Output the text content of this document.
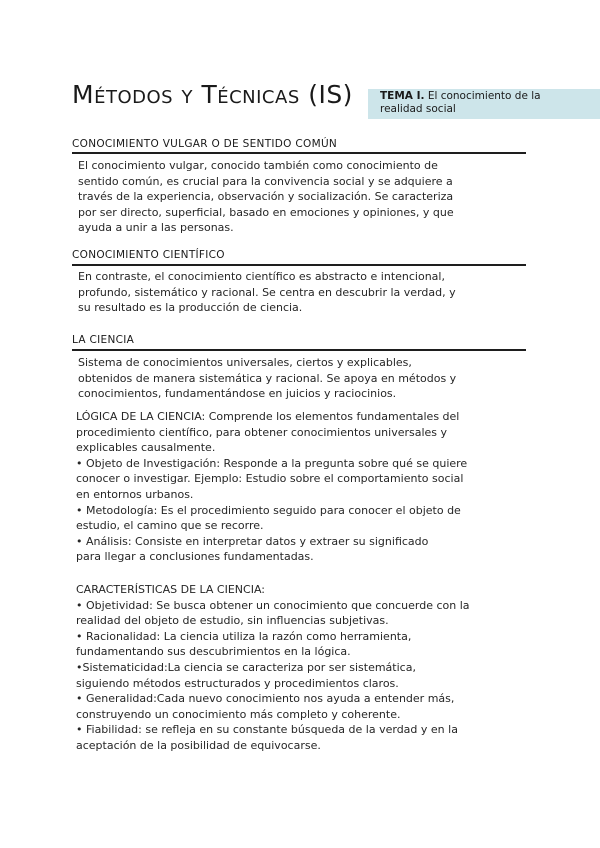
Métodos y Técnicas (IS)	TEMA I. El conocimiento de la
realidad social
CONOCIMIENTO VULGAR O DE SENTIDO COMÚN
El conocimiento vulgar, conocido también como conocimiento de
sentido común, es crucial para la convivencia social y se adquiere a
través de la experiencia, observación y socialización. Se caracteriza
por ser directo, superficial, basado en emociones y opiniones, y que
ayuda a unir a las personas.
CONOCIMIENTO CIENTÍFICO
En contraste, el conocimiento científico es abstracto e intencional,
profundo, sistemático y racional. Se centra en descubrir la verdad, y
su resultado es la producción de ciencia.
LA CIENCIA
Sistema de conocimientos universales, ciertos y explicables,
obtenidos de manera sistemática y racional. Se apoya en métodos y
conocimientos, fundamentándose en juicios y raciocinios.
LÓGICA DE LA CIENCIA: Comprende los elementos fundamentales del
procedimiento científico, para obtener conocimientos universales y
explicables causalmente.
• Objeto de Investigación: Responde a la pregunta sobre qué se quiere
conocer o investigar. Ejemplo: Estudio sobre el comportamiento social
en entornos urbanos.
• Metodología: Es el procedimiento seguido para conocer el objeto de
estudio, el camino que se recorre.
• Análisis: Consiste en interpretar datos y extraer su significado
para llegar a conclusiones fundamentadas.
CARACTERÍSTICAS DE LA CIENCIA:
• Objetividad: Se busca obtener un conocimiento que concuerde con la
realidad del objeto de estudio, sin influencias subjetivas.
• Racionalidad: La ciencia utiliza la razón como herramienta,
fundamentando sus descubrimientos en la lógica.
•Sistematicidad:La ciencia se caracteriza por ser sistemática,
siguiendo métodos estructurados y procedimientos claros.
• Generalidad:Cada nuevo conocimiento nos ayuda a entender más,
construyendo un conocimiento más completo y coherente.
• Fiabilidad: se refleja en su constante búsqueda de la verdad y en la
aceptación de la posibilidad de equivocarse.
